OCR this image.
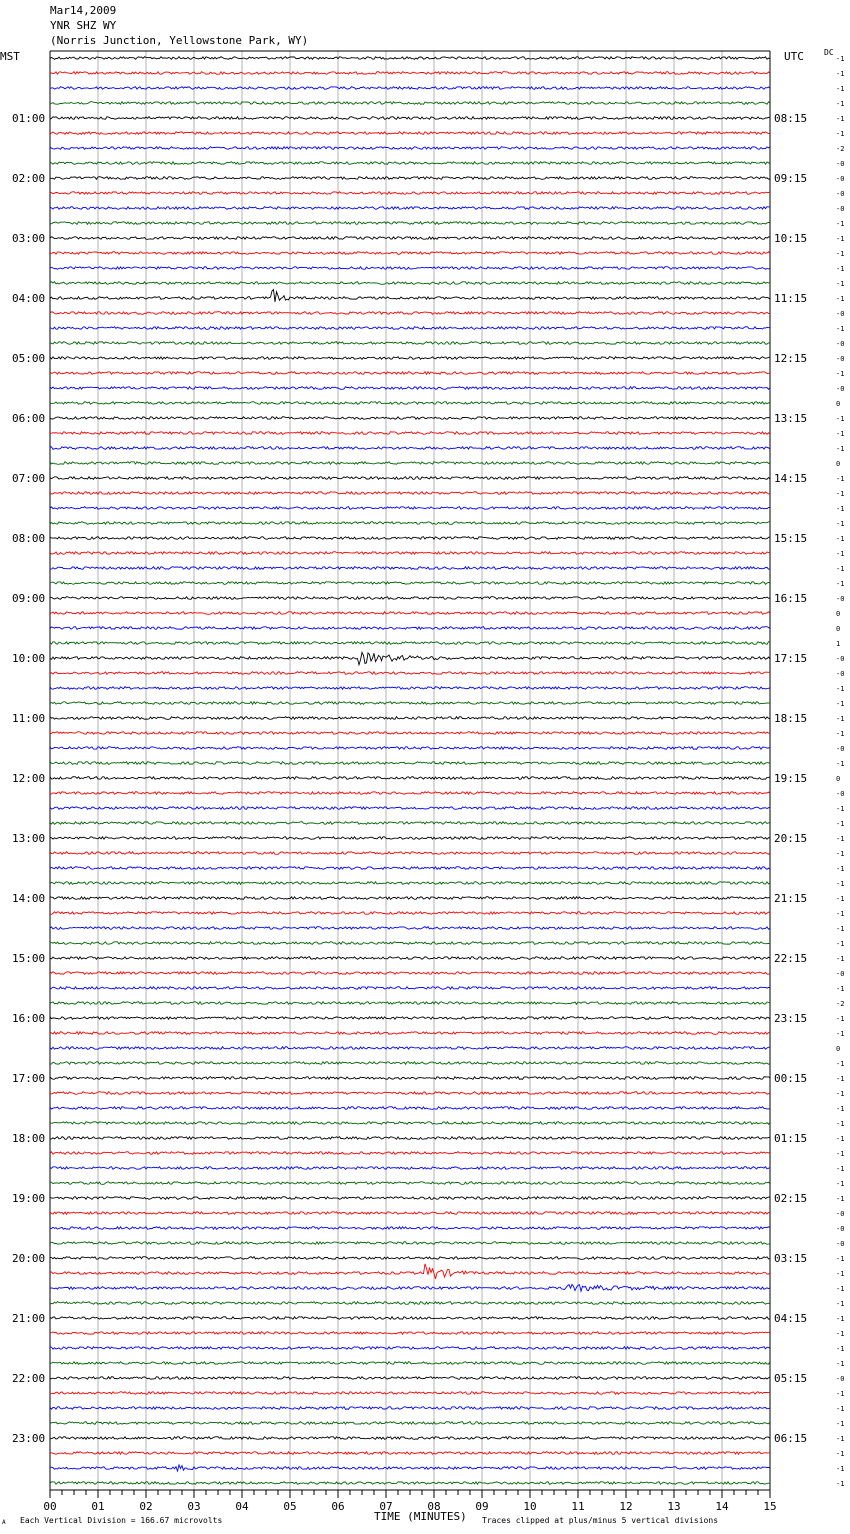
Mar14,2009
YNR SHZ WY
(Norris Junction, Yellowstone Park, WY)
MST	UTC	DC
-1
-1
-1
-1
-1
-1
-2
-0
-0
-0
-0
-1
-1
-1
-1
-1
-1
-0
-1
-0
-0
-1
-0
0
-1
-1
-1
0
-1
-1
-1
-1
-1
-1
-1
-1
-0
0
0
1
-0
-0
-1
-1
-1
-1
-0
-1
0
-0
-1
-1
-1
-1
-1
-1
-1
-1
-1
-1
-1
-0
-1
-2
-1
-1
0
-1
-1
-1
-1
-1
-1
-1
-1
-1
-1
-0
-0
-0
-1
-1
-1
-1
-1
-1
-1
-1
-0
-1
-1
-1
-1
-1
-1
-1
01:00
02:00
03:00
04:00
05:00
06:00
07:00
08:00
09:00
10:00
11:00
12:00
13:00
14:00
15:00
16:00
17:00
18:00
19:00
20:00
21:00
22:00
23:00
08:15
09:15
10:15
11:15
12:15
13:15
14:15
15:15
16:15
17:15
18:15
19:15
20:15
21:15
22:15
23:15
00:15
01:15
02:15
03:15
04:15
05:15
06:15
00	01	02	03	04	05	06	07	08	09	10	11	12	13	14	15
A Each Vertical Division = 166.67 microvolts	TIME (MINUTES) Traces clipped at plus/minus 5 vertical divisions
